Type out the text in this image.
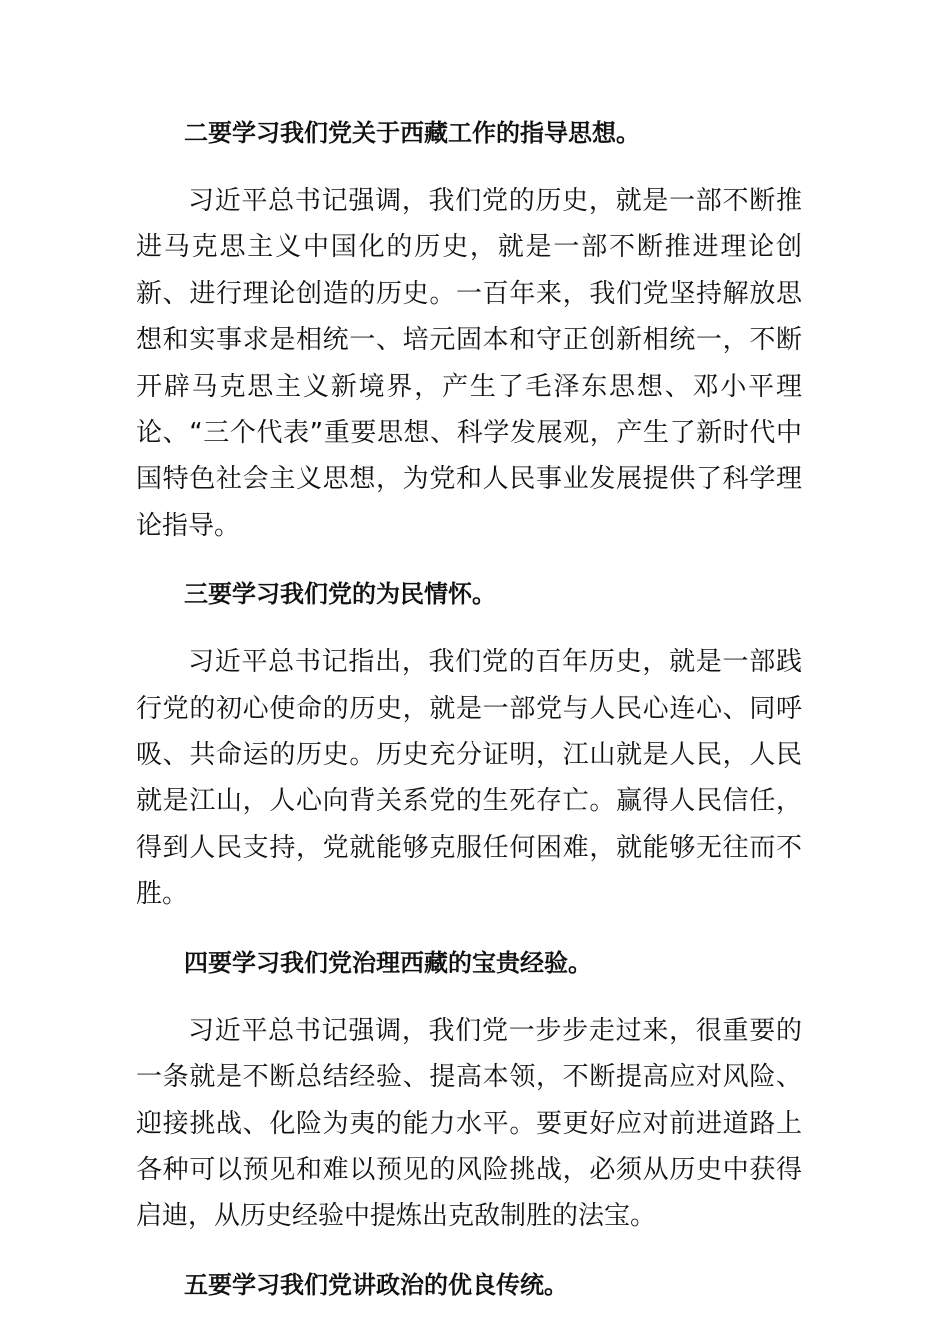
二要学习我们党关于西藏工作的指导思想。

习近平总书记强调，我们党的历史，就是一部不断推进马克思主义中国化的历史，就是一部不断推进理论创新、进行理论创造的历史。一百年来，我们党坚持解放思想和实事求是相统一、培元固本和守正创新相统一，不断开辟马克思主义新境界，产生了毛泽东思想、邓小平理论、“三个代表”重要思想、科学发展观，产生了新时代中国特色社会主义思想，为党和人民事业发展提供了科学理论指导。

三要学习我们党的为民情怀。

习近平总书记指出，我们党的百年历史，就是一部践行党的初心使命的历史，就是一部党与人民心连心、同呼吸、共命运的历史。历史充分证明，江山就是人民，人民就是江山，人心向背关系党的生死存亡。赢得人民信任，得到人民支持，党就能够克服任何困难，就能够无往而不胜。

四要学习我们党治理西藏的宝贵经验。

习近平总书记强调，我们党一步步走过来，很重要的一条就是不断总结经验、提高本领，不断提高应对风险、迎接挑战、化险为夷的能力水平。要更好应对前进道路上各种可以预见和难以预见的风险挑战，必须从历史中获得启迪，从历史经验中提炼出克敌制胜的法宝。

五要学习我们党讲政治的优良传统。
